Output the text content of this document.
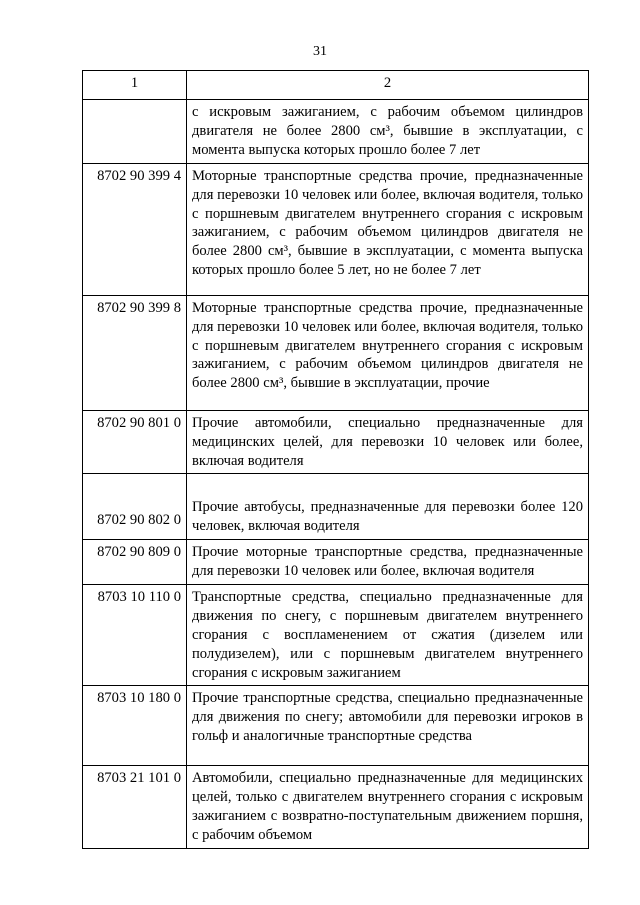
31
1	2
	с искровым зажиганием, с рабочим объемом цилиндров двигателя не более 2800 см³, бывшие в эксплуатации, с момента выпуска которых прошло более 7 лет
8702 90 399 4	Моторные транспортные средства прочие, предназначенные для перевозки 10 человек или более, включая водителя, только с поршневым двигателем внутреннего сгорания с искровым зажиганием, с рабочим объемом цилиндров двигателя не более 2800 см³, бывшие в эксплуатации, с момента выпуска которых прошло более 5 лет, но не более 7 лет
8702 90 399 8	Моторные транспортные средства прочие, предназначенные для перевозки 10 человек или более, включая водителя, только с поршневым двигателем внутреннего сгорания с искровым зажиганием, с рабочим объемом цилиндров двигателя не более 2800 см³, бывшие в эксплуатации, прочие
8702 90 801 0	Прочие автомобили, специально предназначенные для медицинских целей, для перевозки 10 человек или более, включая водителя
8702 90 802 0	Прочие автобусы, предназначенные для перевозки более 120 человек, включая водителя
8702 90 809 0	Прочие моторные транспортные средства, предназначенные для перевозки 10 человек или более, включая водителя
8703 10 110 0	Транспортные средства, специально предназначенные для движения по снегу, с поршневым двигателем внутреннего сгорания с воспламенением от сжатия (дизелем или полудизелем), или с поршневым двигателем внутреннего сгорания с искровым зажиганием
8703 10 180 0	Прочие транспортные средства, специально предназначенные для движения по снегу; автомобили для перевозки игроков в гольф и аналогичные транспортные средства
8703 21 101 0	Автомобили, специально предназначенные для медицинских целей, только с двигателем внутреннего сгорания с искровым зажиганием с возвратно-поступательным движением поршня, с рабочим объемом
